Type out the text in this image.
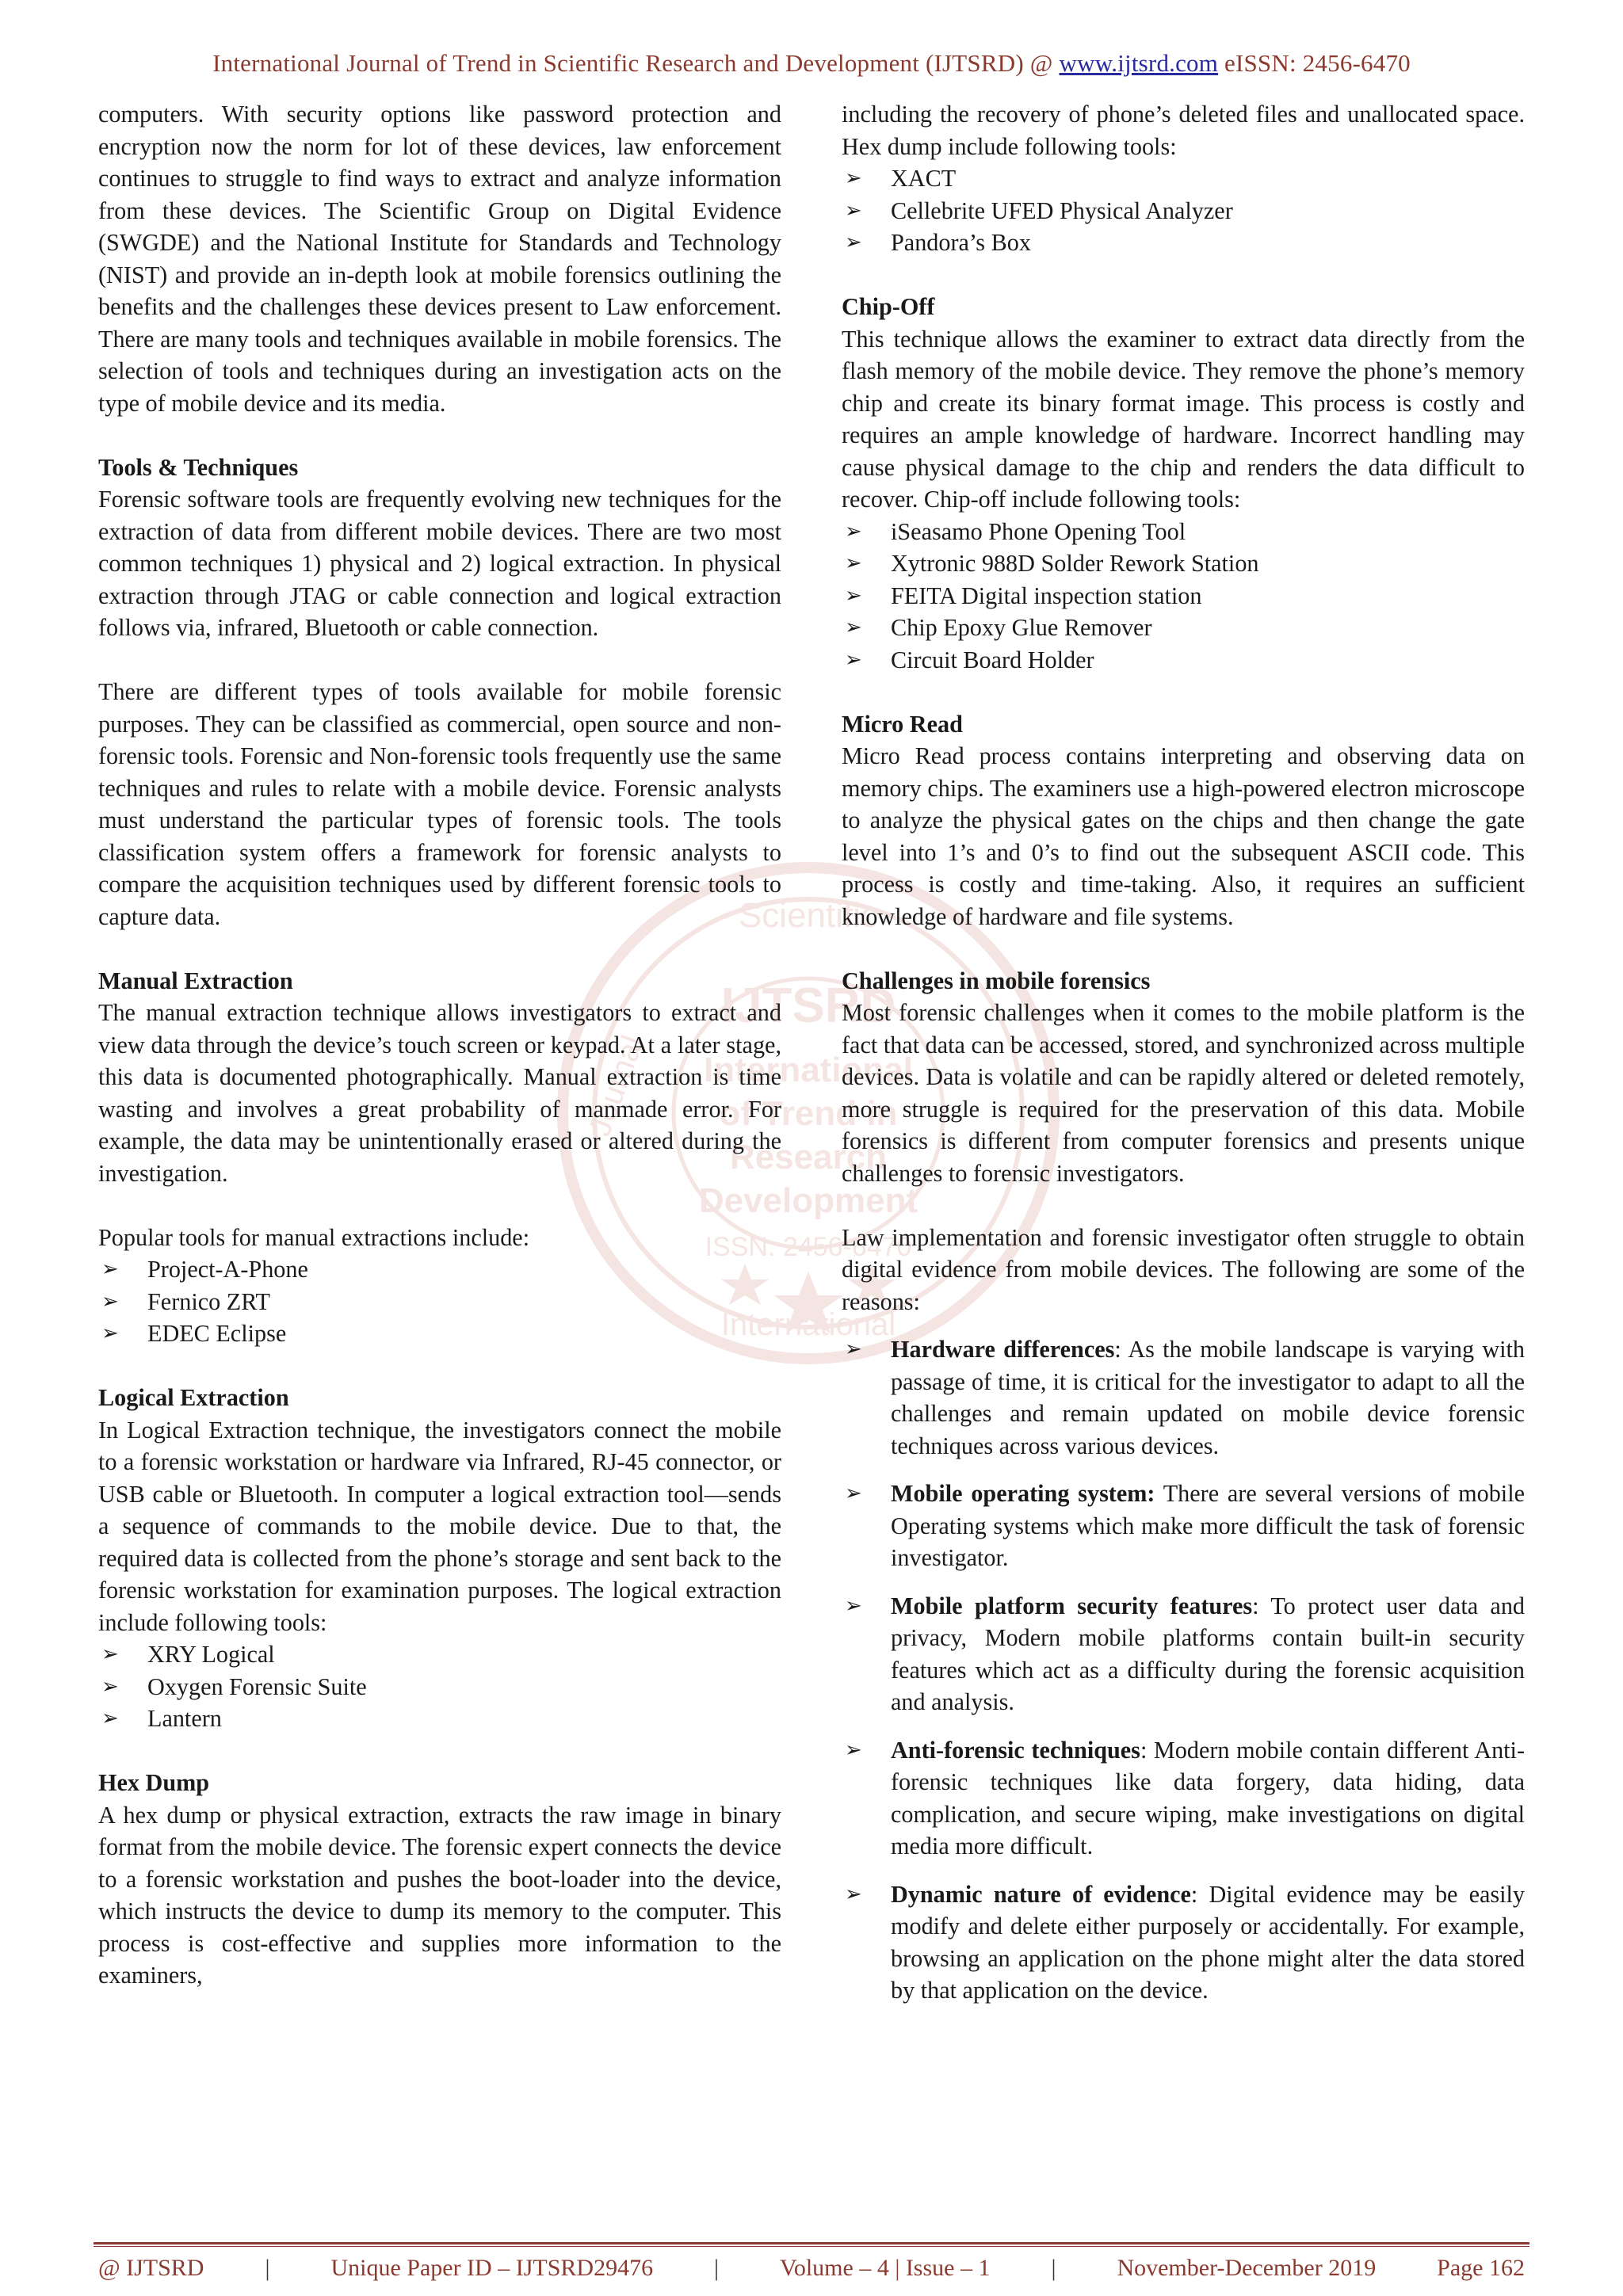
International Journal of Trend in Scientific Research and Development (IJTSRD) @ www.ijtsrd.com eISSN: 2456-6470
Scientific
Journal
International
IJTSRD
International
of Trend in
Research
Development
ISSN: 2456-6470

computers. With security options like password protection and encryption now the norm for lot of these devices, law enforcement continues to struggle to find ways to extract and analyze information from these devices. The Scientific Group on Digital Evidence (SWGDE) and the National Institute for Standards and Technology (NIST) and provide an in-depth look at mobile forensics outlining the benefits and the challenges these devices present to Law enforcement. There are many tools and techniques available in mobile forensics. The selection of tools and techniques during an investigation acts on the type of mobile device and its media.

Tools & Techniques

Forensic software tools are frequently evolving new techniques for the extraction of data from different mobile devices. There are two most common techniques 1) physical and 2) logical extraction. In physical extraction through JTAG or cable connection and logical extraction follows via, infrared, Bluetooth or cable connection.

There are different types of tools available for mobile forensic purposes. They can be classified as commercial, open source and non-forensic tools. Forensic and Non-forensic tools frequently use the same techniques and rules to relate with a mobile device. Forensic analysts must understand the particular types of forensic tools. The tools classification system offers a framework for forensic analysts to compare the acquisition techniques used by different forensic tools to capture data.

Manual Extraction

The manual extraction technique allows investigators to extract and view data through the device’s touch screen or keypad. At a later stage, this data is documented photographically. Manual extraction is time wasting and involves a great probability of manmade error. For example, the data may be unintentionally erased or altered during the investigation.

Popular tools for manual extractions include:

➢ Project-A-Phone
➢ Fernico ZRT
➢ EDEC Eclipse
Logical Extraction

In Logical Extraction technique, the investigators connect the mobile to a forensic workstation or hardware via Infrared, RJ-45 connector, or USB cable or Bluetooth. In computer a logical extraction tool—sends a sequence of commands to the mobile device. Due to that, the required data is collected from the phone’s storage and sent back to the forensic workstation for examination purposes. The logical extraction include following tools:

➢ XRY Logical
➢ Oxygen Forensic Suite
➢ Lantern
Hex Dump

A hex dump or physical extraction, extracts the raw image in binary format from the mobile device. The forensic expert connects the device to a forensic workstation and pushes the boot-loader into the device, which instructs the device to dump its memory to the computer. This process is cost-effective and supplies more information to the examiners,

including the recovery of phone’s deleted files and unallocated space. Hex dump include following tools:

➢ XACT
➢ Cellebrite UFED Physical Analyzer
➢ Pandora’s Box
Chip-Off

This technique allows the examiner to extract data directly from the flash memory of the mobile device. They remove the phone’s memory chip and create its binary format image. This process is costly and requires an ample knowledge of hardware. Incorrect handling may cause physical damage to the chip and renders the data difficult to recover. Chip-off include following tools:

➢ iSeasamo Phone Opening Tool
➢ Xytronic 988D Solder Rework Station
➢ FEITA Digital inspection station
➢ Chip Epoxy Glue Remover
➢ Circuit Board Holder
Micro Read

Micro Read process contains interpreting and observing data on memory chips. The examiners use a high-powered electron microscope to analyze the physical gates on the chips and then change the gate level into 1’s and 0’s to find out the subsequent ASCII code. This process is costly and time-taking. Also, it requires an sufficient knowledge of hardware and file systems.

Challenges in mobile forensics

Most forensic challenges when it comes to the mobile platform is the fact that data can be accessed, stored, and synchronized across multiple devices. Data is volatile and can be rapidly altered or deleted remotely, more struggle is required for the preservation of this data. Mobile forensics is different from computer forensics and presents unique challenges to forensic investigators.

Law implementation and forensic investigator often struggle to obtain digital evidence from mobile devices. The following are some of the reasons:

➢ Hardware differences: As the mobile landscape is varying with passage of time, it is critical for the investigator to adapt to all the challenges and remain updated on mobile device forensic techniques across various devices.
➢ Mobile operating system: There are several versions of mobile Operating systems which make more difficult the task of forensic investigator.
➢ Mobile platform security features: To protect user data and privacy, Modern mobile platforms contain built-in security features which act as a difficulty during the forensic acquisition and analysis.
➢ Anti-forensic techniques: Modern mobile contain different Anti-forensic techniques like data forgery, data hiding, data complication, and secure wiping, make investigations on digital media more difficult.
➢ Dynamic nature of evidence: Digital evidence may be easily modify and delete either purposely or accidentally. For example, browsing an application on the phone might alter the data stored by that application on the device.
@ IJTSRD	|	Unique Paper ID – IJTSRD29476	|	Volume – 4 | Issue – 1	|	November-December 2019	Page 162
